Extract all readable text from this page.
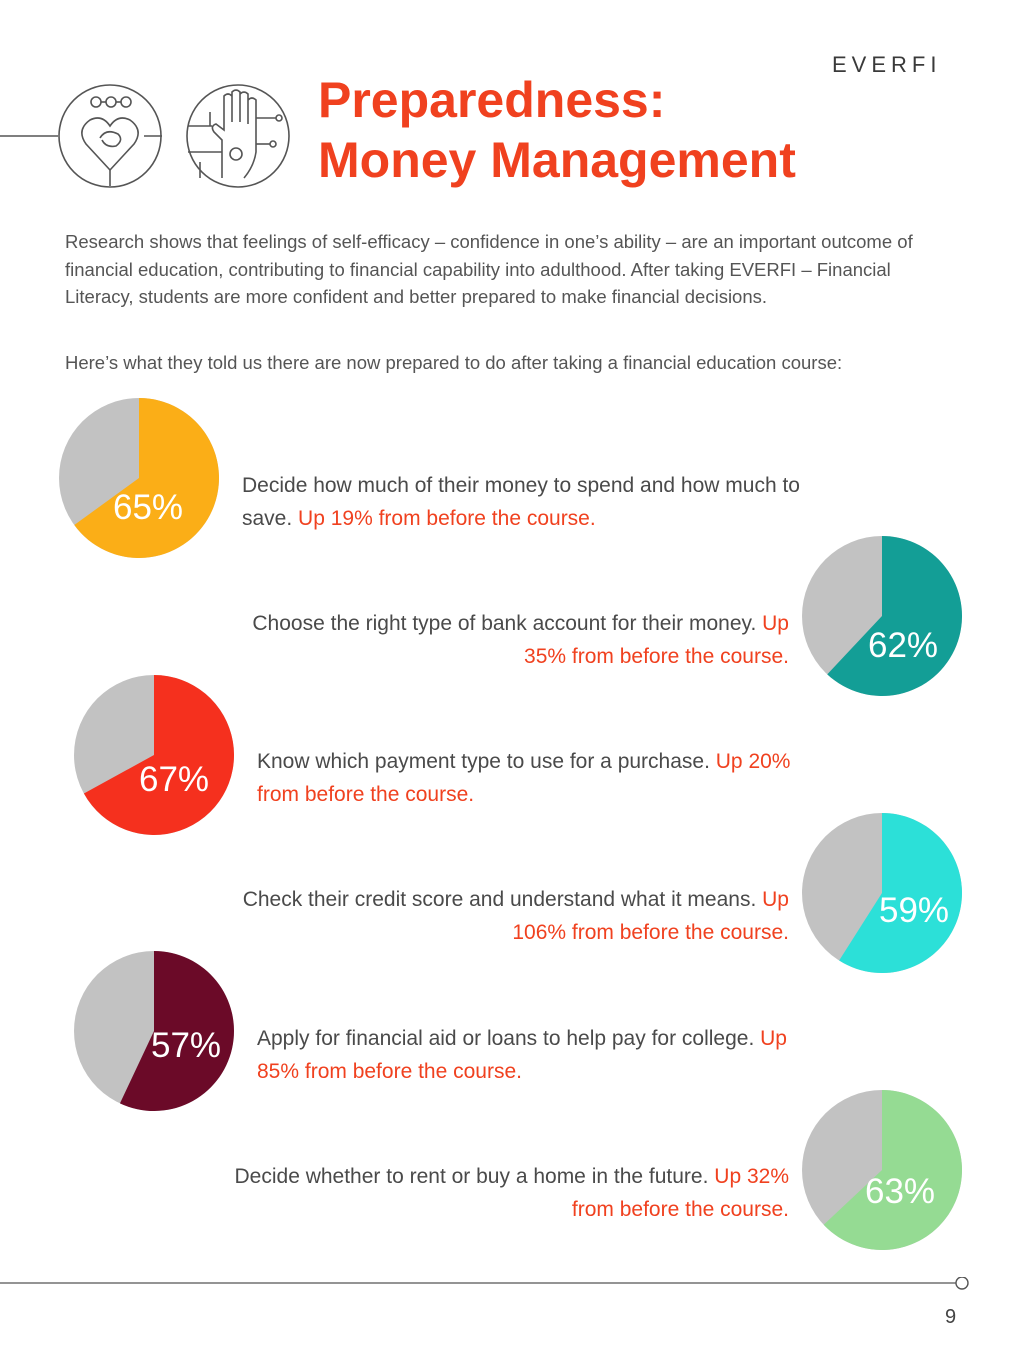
EVERFI
Preparedness:
Money Management

Research shows that feelings of self-efficacy – confidence in one’s ability – are an important outcome of financial education, contributing to financial capability into adulthood. After taking EVERFI – Financial Literacy, students are more confident and better prepared to make financial decisions.

Here’s what they told us there are now prepared to do after taking a financial education course:

65%
Decide how much of their money to spend and how much to save. Up 19% from before the course.
62%
Choose the right type of bank account for their money. Up 35% from before the course.
67% Know which payment type to use for a purchase. Up 20% from before the course.
59%
Check their credit score and understand what it means. Up 106% from before the course.
57% Apply for financial aid or loans to help pay for college. Up 85% from before the course.
63%
Decide whether to rent or buy a home in the future. Up 32% from before the course.
9
